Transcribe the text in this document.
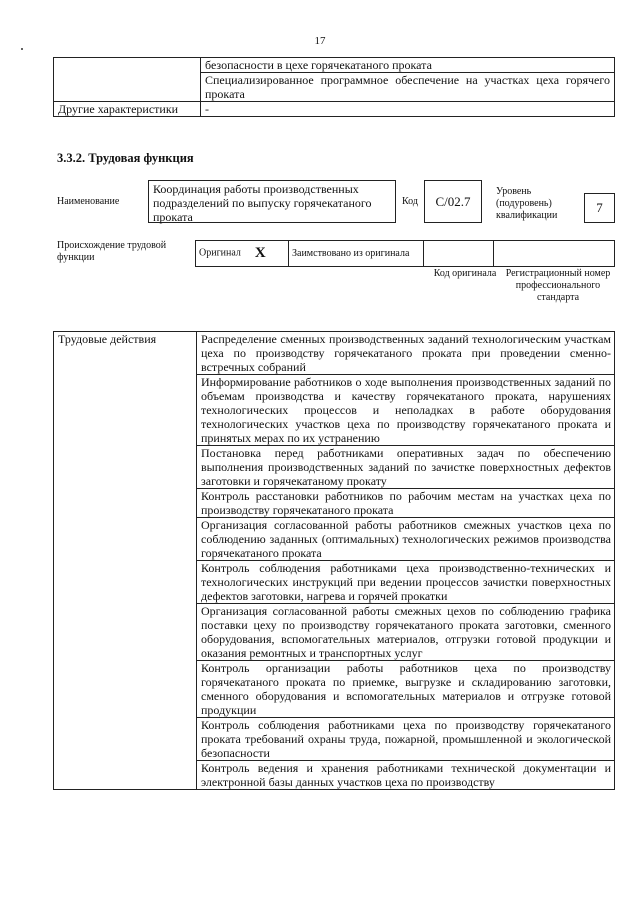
17
	безопасности в цехе горячекатаного проката
	Специализированное программное обеспечение на участках цеха горячего проката
Другие характеристики	-
3.3.2. Трудовая функция
Наименование
Координация работы производственных подразделений по выпуску горячекатаного проката
Код	C/02.7
Уровень (подуровень) квалификации
7
Происхождение трудовой функции	Оригинал X	Заимствовано из оригинала		
Код оригинала Регистрационный номер профессионального стандарта
Трудовые действия	Распределение сменных производственных заданий технологическим участкам цеха по производству горячекатаного проката при проведении сменно-встречных собраний
Информирование работников о ходе выполнения производственных заданий по объемам производства и качеству горячекатаного проката, нарушениях технологических процессов и неполадках в работе оборудования технологических участков цеха по производству горячекатаного проката и принятых мерах по их устранению
Постановка перед работниками оперативных задач по обеспечению выполнения производственных заданий по зачистке поверхностных дефектов заготовки и горячекатаному прокату
Контроль расстановки работников по рабочим местам на участках цеха по производству горячекатаного проката
Организация согласованной работы работников смежных участков цеха по соблюдению заданных (оптимальных) технологических режимов производства горячекатаного проката
Контроль соблюдения работниками цеха производственно-технических и технологических инструкций при ведении процессов зачистки поверхностных дефектов заготовки, нагрева и горячей прокатки
Организация согласованной работы смежных цехов по соблюдению графика поставки цеху по производству горячекатаного проката заготовки, сменного оборудования, вспомогательных материалов, отгрузки готовой продукции и оказания ремонтных и транспортных услуг
Контроль организации работы работников цеха по производству горячекатаного проката по приемке, выгрузке и складированию заготовки, сменного оборудования и вспомогательных материалов и отгрузке готовой продукции
Контроль соблюдения работниками цеха по производству горячекатаного проката требований охраны труда, пожарной, промышленной и экологической безопасности
Контроль ведения и хранения работниками технической документации и электронной базы данных участков цеха по производству
